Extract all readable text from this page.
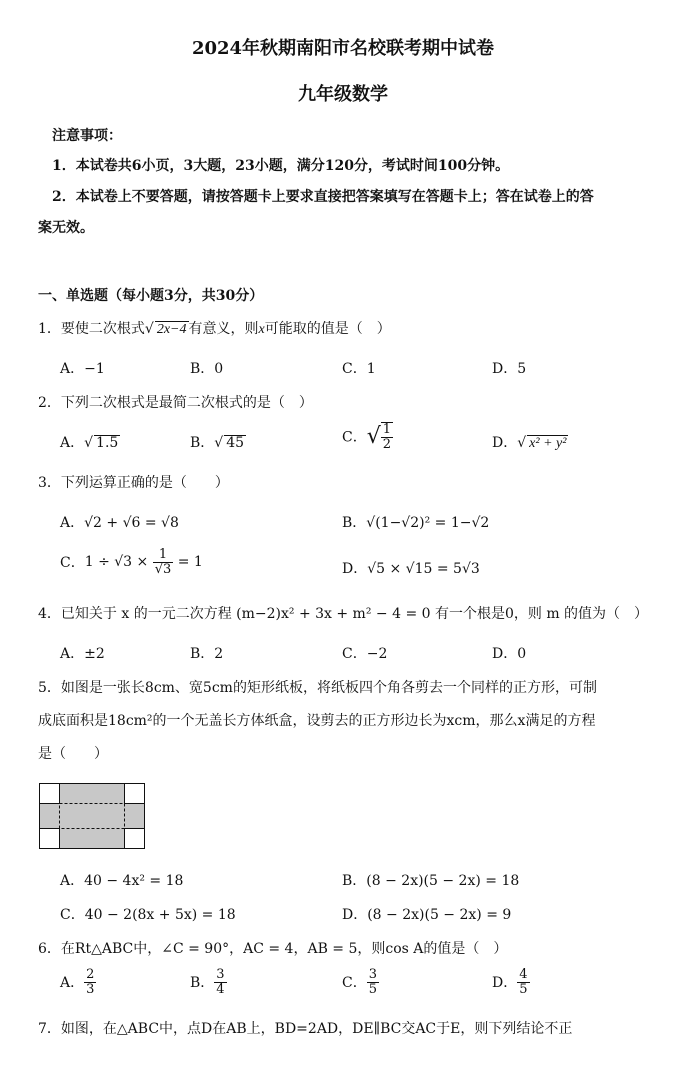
2024年秋期南阳市名校联考期中试卷
九年级数学
注意事项：
1．本试卷共6小页，3大题，23小题，满分120分，考试时间100分钟。
2．本试卷上不要答题，请按答题卡上要求直接把答案填写在答题卡上；答在试卷上的答
案无效。
一、单选题（每小题3分，共30分）
1．要使二次根式√ 2x−4 有意义，则x可能取的值是（　）
A．−1	B．0	C．1	D．5
2．下列二次根式是最简二次根式的是（　）
A．√ 1.5	B．√ 45	C．√ $\frac{1}{2}$	D．√ x² + y²
3．下列运算正确的是（　　）
A．√2 + √6 = √8	B．√(1−√2)² = 1−√2
C．$1 \div √3 \times \frac{1}{√3} = 1$	D．√5 × √15 = 5√3
4．已知关于 x 的一元二次方程 (m−2)x² + 3x + m² − 4 = 0 有一个根是0，则 m 的值为（　）
A．±2	B．2	C．−2	D．0
5．如图是一张长8cm、宽5cm的矩形纸板，将纸板四个角各剪去一个同样的正方形，可制
成底面积是18cm²的一个无盖长方体纸盒，设剪去的正方形边长为xcm，那么x满足的方程
是（　　）
A．40 − 4x² = 18	B．(8 − 2x)(5 − 2x) = 18
C．40 − 2(8x + 5x) = 18	D．(8 − 2x)(5 − 2x) = 9
6．在Rt△ABC中，∠C = 90°，AC = 4，AB = 5，则cos A的值是（　）
A． $\frac{2}{3}$	B． $\frac{3}{4}$	C． $\frac{3}{5}$	D． $\frac{4}{5}$
7．如图，在△ABC中，点D在AB上，BD=2AD，DE∥BC交AC于E，则下列结论不正
